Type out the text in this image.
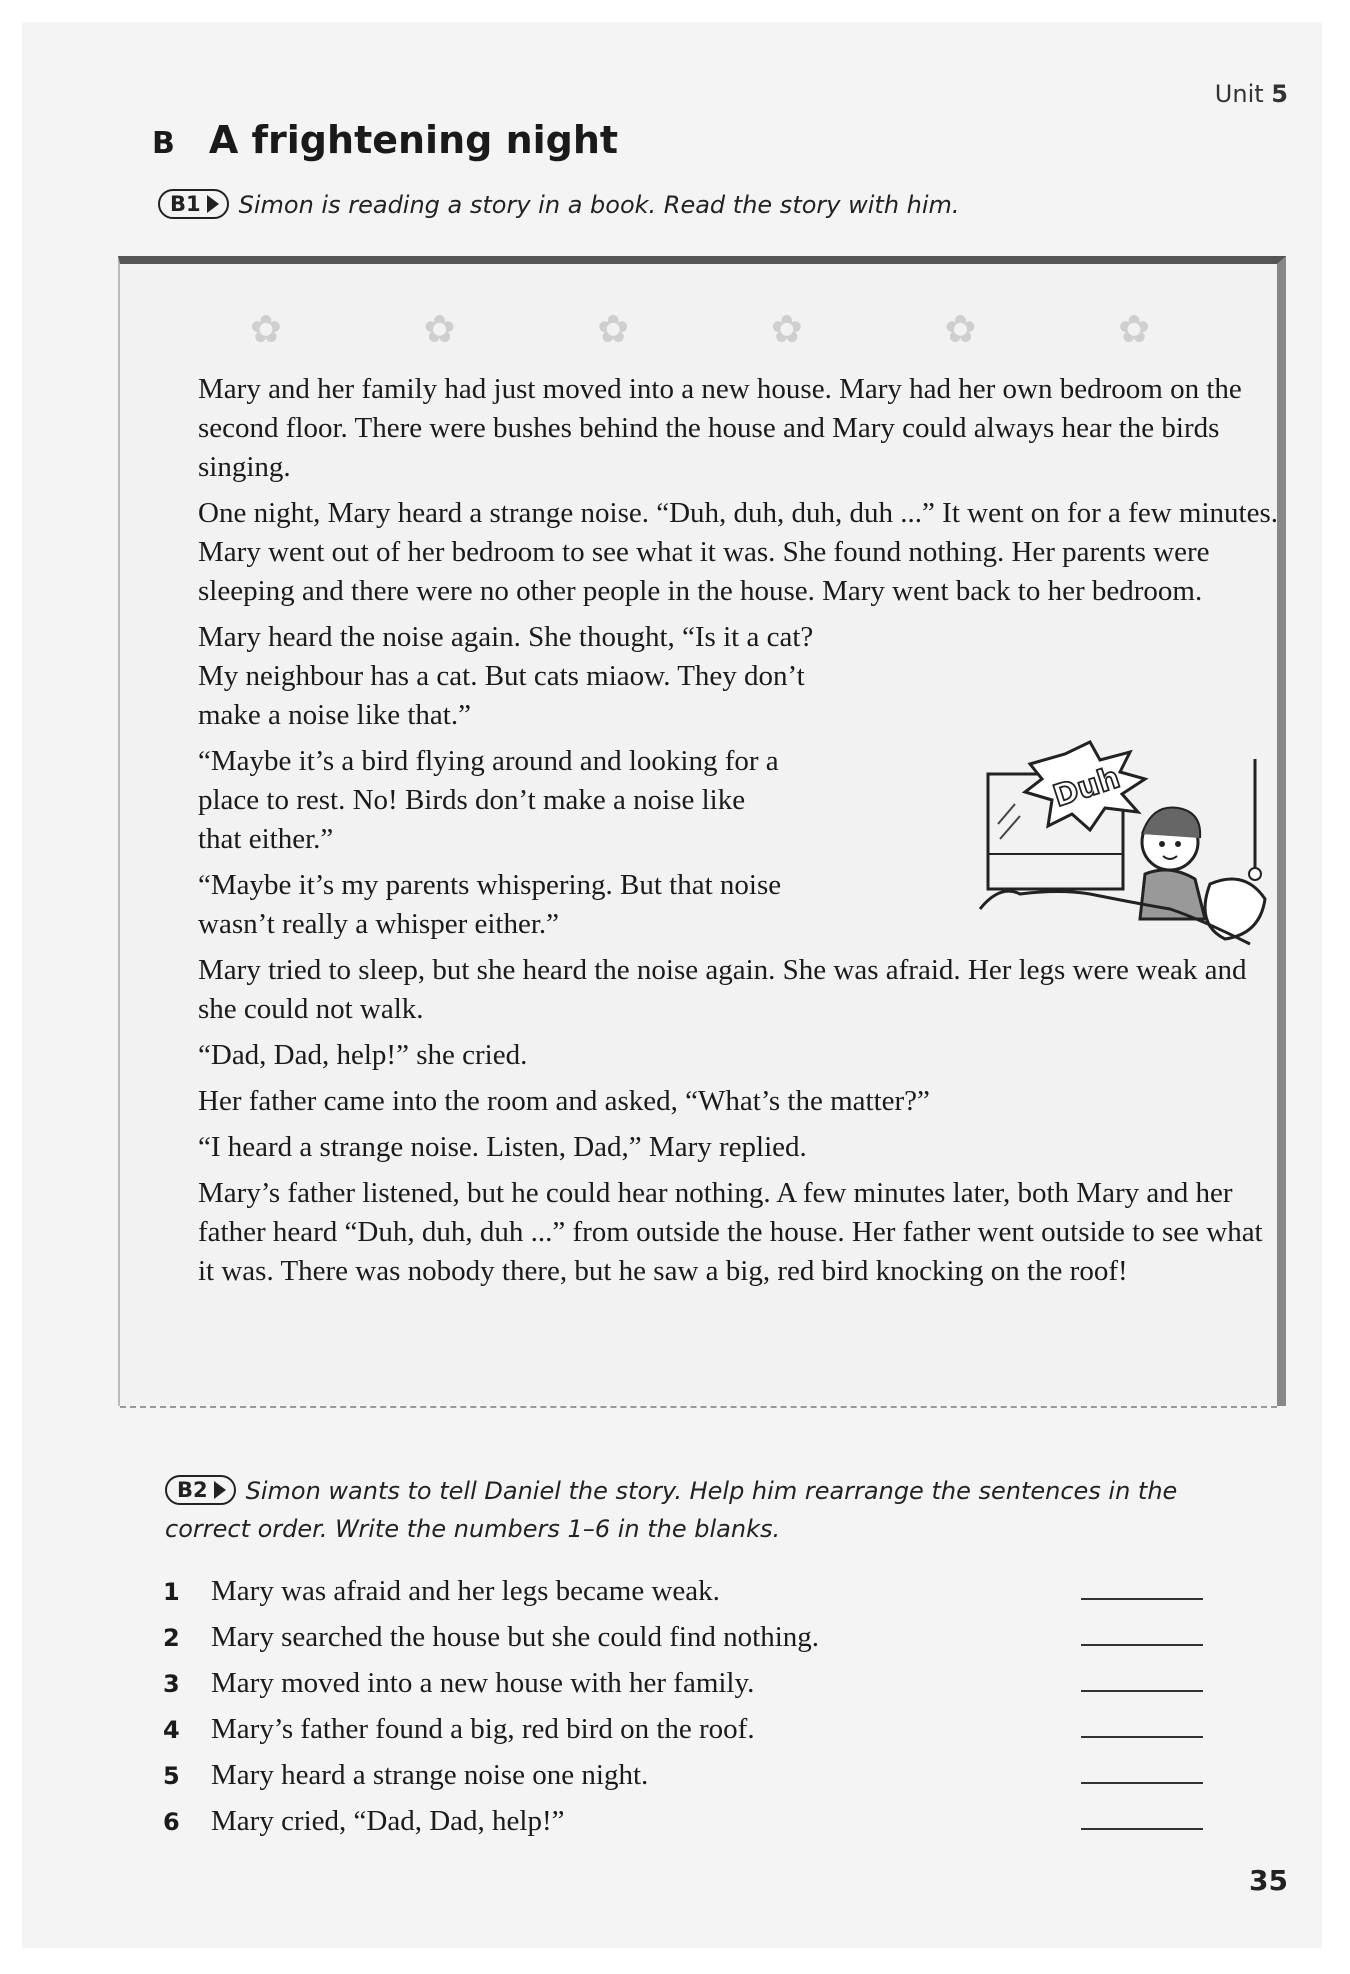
Unit 5
B A frightening night
B1 Simon is reading a story in a book. Read the story with him.
✿	✿	✿	✿	✿	✿

Mary and her family had just moved into a new house. Mary had her own bedroom on the second floor. There were bushes behind the house and Mary could always hear the birds singing.

One night, Mary heard a strange noise. “Duh, duh, duh, duh ...” It went on for a few minutes. Mary went out of her bedroom to see what it was. She found nothing. Her parents were sleeping and there were no other people in the house. Mary went back to her bedroom.

Mary heard the noise again. She thought, “Is it a cat? My neighbour has a cat. But cats miaow. They don’t make a noise like that.”

“Maybe it’s a bird flying around and looking for a place to rest. No! Birds don’t make a noise like that either.”

“Maybe it’s my parents whispering. But that noise wasn’t really a whisper either.”

Mary tried to sleep, but she heard the noise again. She was afraid. Her legs were weak and she could not walk.

“Dad, Dad, help!” she cried.

Her father came into the room and asked, “What’s the matter?”

“I heard a strange noise. Listen, Dad,” Mary replied.

Mary’s father listened, but he could hear nothing. A few minutes later, both Mary and her father heard “Duh, duh, duh ...” from outside the house. Her father went outside to see what it was. There was nobody there, but he saw a big, red bird knocking on the roof!

Duh
B2 Simon wants to tell Daniel the story. Help him rearrange the sentences in the correct order. Write the numbers 1–6 in the blanks.
1	Mary was afraid and her legs became weak.
2	Mary searched the house but she could find nothing.
3	Mary moved into a new house with her family.
4	Mary’s father found a big, red bird on the roof.
5	Mary heard a strange noise one night.
6	Mary cried, “Dad, Dad, help!”
35
